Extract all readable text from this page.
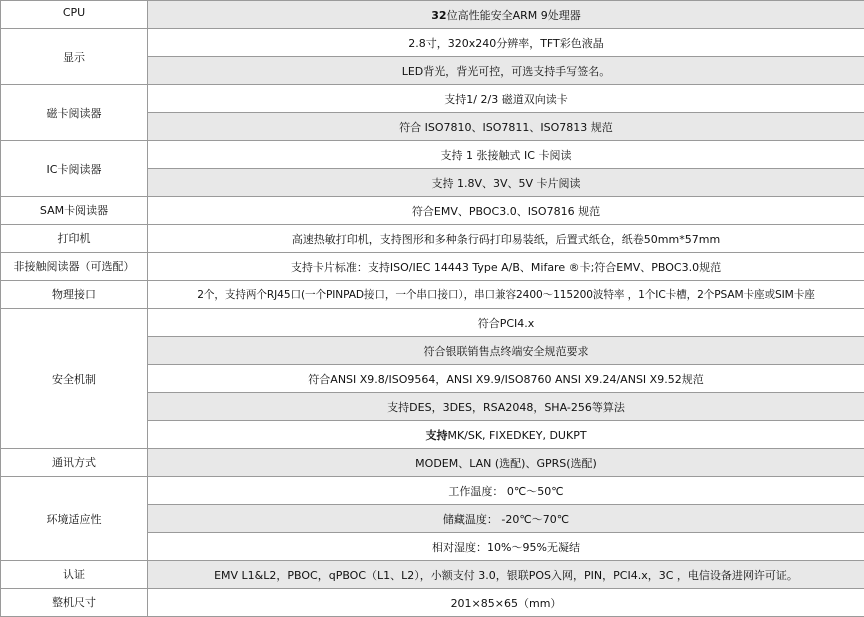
CPU	32位高性能安全ARM 9处理器
显示	2.8寸，320x240分辨率，TFT彩色液晶
	LED背光，背光可控，可选支持手写签名。
磁卡阅读器	支持1/ 2/3 磁道双向读卡
	符合 ISO7810、ISO7811、ISO7813 规范
IC卡阅读器	支持 1 张接触式 IC 卡阅读
	支持 1.8V、3V、5V 卡片阅读
SAM卡阅读器	符合EMV、PBOC3.0、ISO7816 规范
打印机	高速热敏打印机，支持图形和多种条行码打印易装纸，后置式纸仓，纸卷50mm*57mm
非接触阅读器（可选配）	支持卡片标准：支持ISO/IEC 14443 Type A/B、Mifare ®卡;符合EMV、PBOC3.0规范
物理接口	2个，支持两个RJ45口(一个PINPAD接口，一个串口接口），串口兼容2400～115200波特率 ，1个IC卡槽，2个PSAM卡座或SIM卡座
安全机制	符合PCI4.x
	符合银联销售点终端安全规范要求
	符合ANSI X9.8/ISO9564，ANSI X9.9/ISO8760 ANSI X9.24/ANSI X9.52规范
	支持DES，3DES，RSA2048，SHA-256等算法
	支持MK/SK, FIXEDKEY, DUKPT
通讯方式	MODEM、LAN (选配)、GPRS(选配)
环境适应性	工作温度： 0℃～50℃
	储藏温度： -20℃～70℃
	相对湿度：10%～95%无凝结
认证	EMV L1&L2，PBOC，qPBOC（L1、L2），小额支付 3.0，银联POS入网，PIN，PCI4.x，3C ，电信设备进网许可证。
整机尺寸	201×85×65（mm）
